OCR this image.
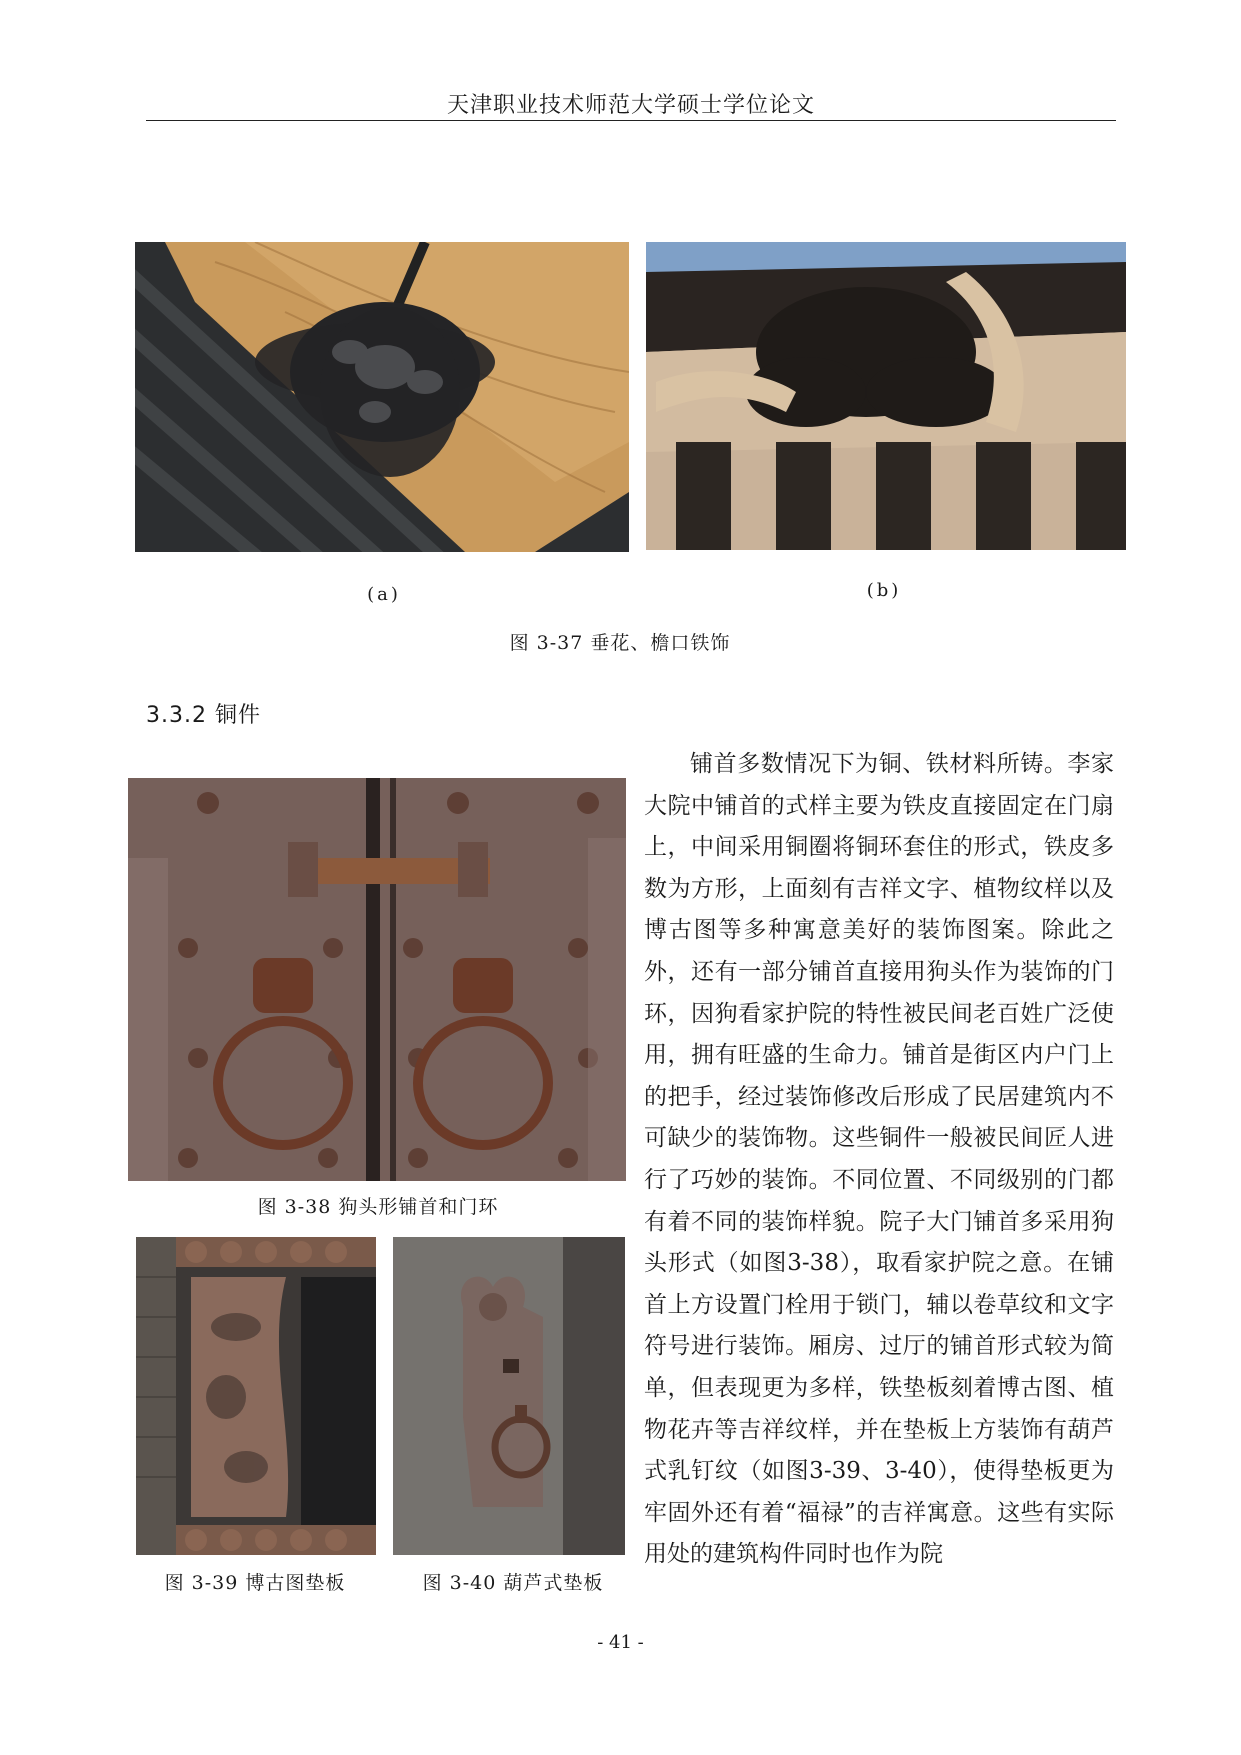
天津职业技术师范大学硕士学位论文
(a)	(b)
图 3-37 垂花、檐口铁饰
3.3.2 铜件
图 3-38 狗头形铺首和门环
图 3-39 博古图垫板	图 3-40 葫芦式垫板
铺首多数情况下为铜、铁材料所铸。李家大院中铺首的式样主要为铁皮直接固定在门扇上，中间采用铜圈将铜环套住的形式，铁皮多数为方形，上面刻有吉祥文字、植物纹样以及博古图等多种寓意美好的装饰图案。除此之外，还有一部分铺首直接用狗头作为装饰的门环，因狗看家护院的特性被民间老百姓广泛使用，拥有旺盛的生命力。铺首是街区内户门上的把手，经过装饰修改后形成了民居建筑内不可缺少的装饰物。这些铜件一般被民间匠人进行了巧妙的装饰。不同位置、不同级别的门都有着不同的装饰样貌。院子大门铺首多采用狗头形式（如图3-38），取看家护院之意。在铺首上方设置门栓用于锁门，辅以卷草纹和文字符号进行装饰。厢房、过厅的铺首形式较为简单，但表现更为多样，铁垫板刻着博古图、植物花卉等吉祥纹样，并在垫板上方装饰有葫芦式乳钉纹（如图3-39、3-40），使得垫板更为牢固外还有着“福禄”的吉祥寓意。这些有实际用处的建筑构件同时也作为院
- 41 -
